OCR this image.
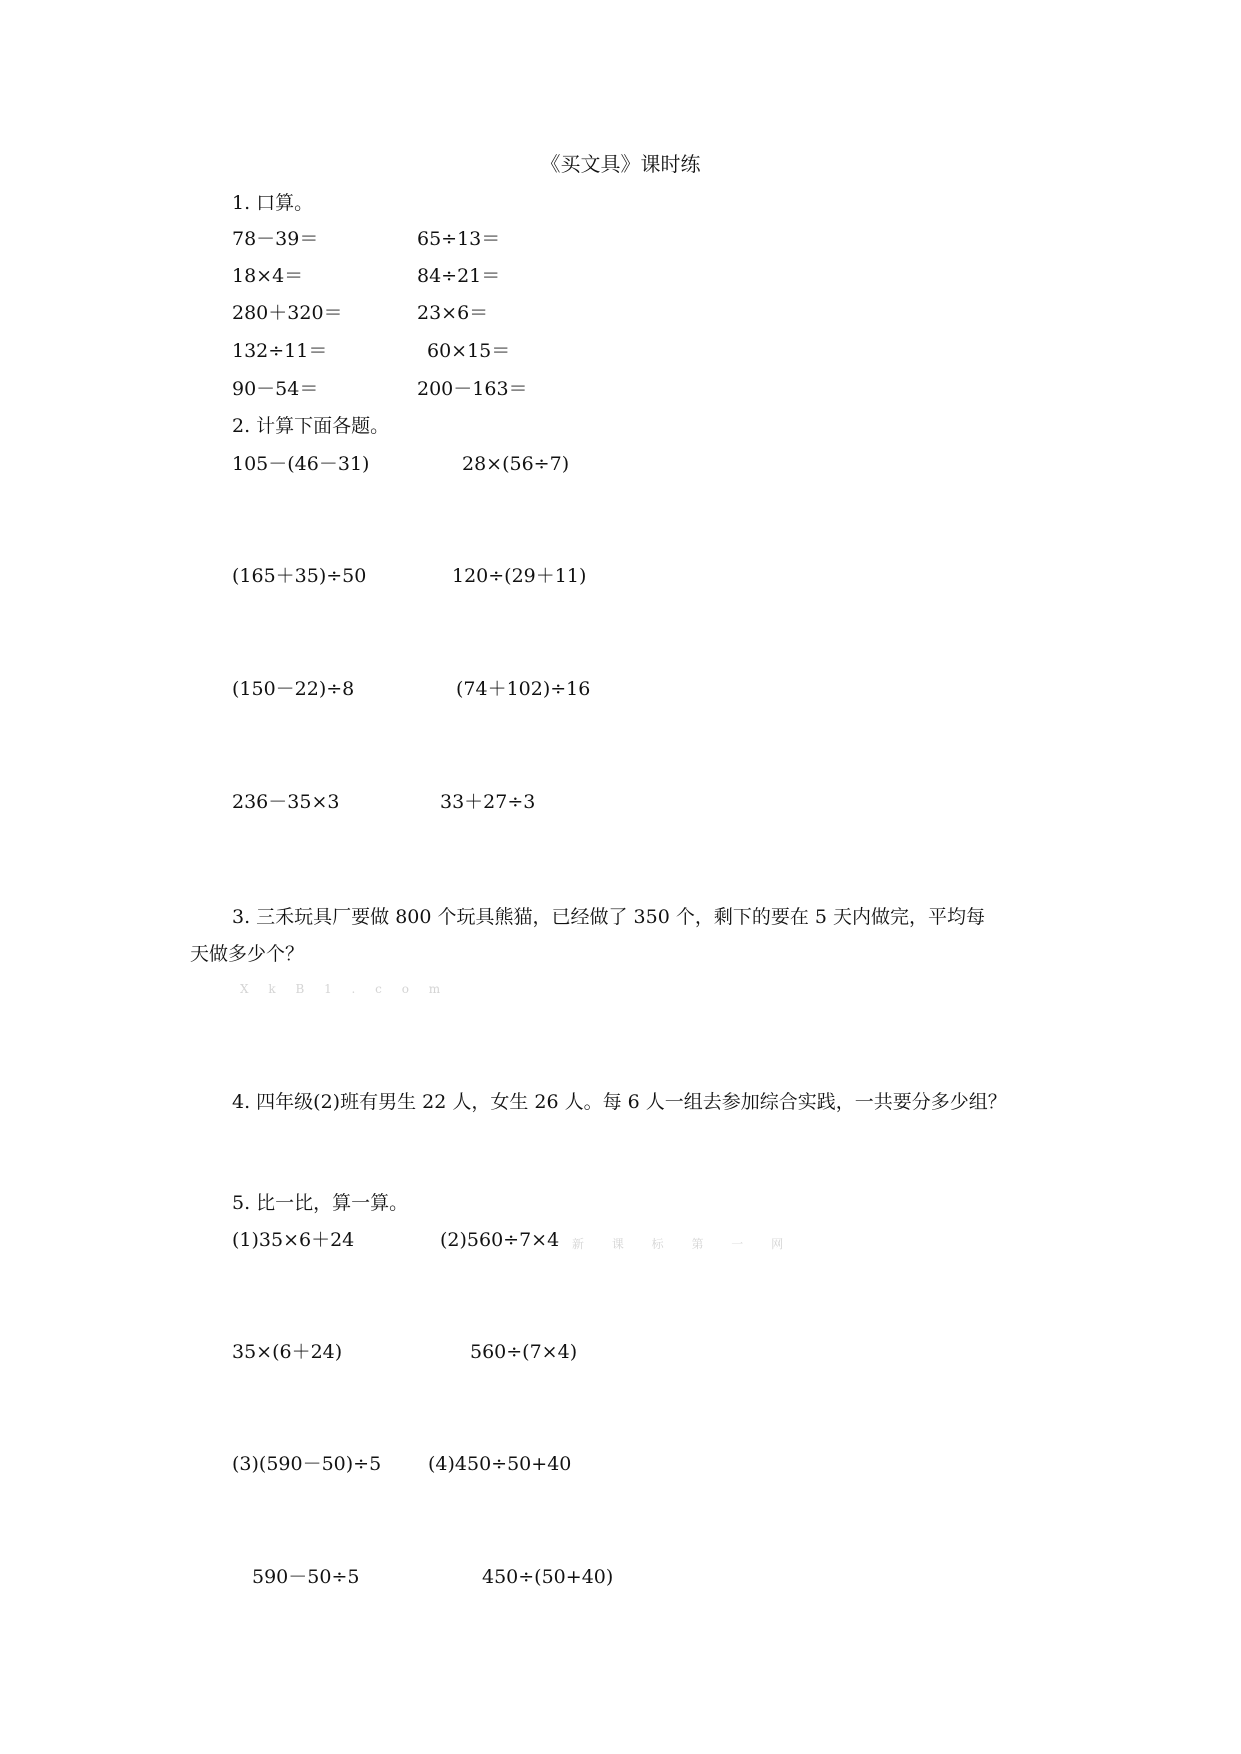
《买文具》课时练
1. 口算。
78－39＝	65÷13＝
18×4＝	84÷21＝
280＋320＝	23×6＝
132÷11＝	60×15＝
90－54＝	200－163＝
2. 计算下面各题。
105－(46－31)	28×(56÷7)
(165＋35)÷50	120÷(29＋11)
(150－22)÷8	(74＋102)÷16
236－35×3	33＋27÷3
3. 三禾玩具厂要做 800 个玩具熊猫，已经做了 350 个，剩下的要在 5 天内做完，平均每
天做多少个？
X k B 1 . c o m
4. 四年级(2)班有男生 22 人，女生 26 人。每 6 人一组去参加综合实践，一共要分多少组？
5. 比一比，算一算。
(1)35×6＋24	(2)560÷7×4 新 课 标 第 一 网
35×(6＋24)	560÷(7×4)
(3)(590－50)÷5 (4)450÷50+40
590－50÷5	450÷(50+40)
